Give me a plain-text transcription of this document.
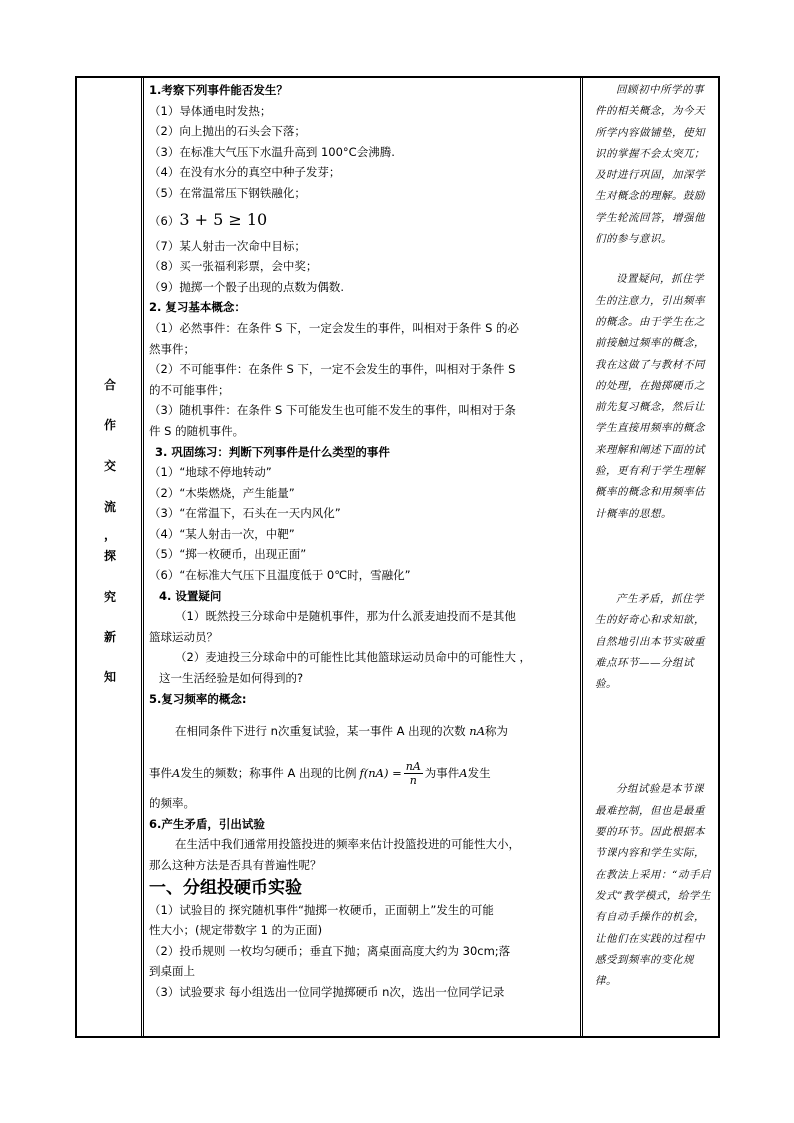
合
作
交
流
，
探
究
新
知
1.考察下列事件能否发生？
（1）导体通电时发热；
（2）向上抛出的石头会下落；
（3）在标准大气压下水温升高到 100°C会沸腾.
（4）在没有水分的真空中种子发芽；
（5）在常温常压下钢铁融化；
（6）3 + 5 ≥ 10
（7）某人射击一次命中目标；
（8）买一张福利彩票，会中奖；
（9）抛掷一个骰子出现的点数为偶数.
2. 复习基本概念：
（1）必然事件：在条件 S 下，一定会发生的事件，叫相对于条件 S 的必
然事件；
（2）不可能事件：在条件 S 下，一定不会发生的事件，叫相对于条件 S
的不可能事件；
（3）随机事件：在条件 S 下可能发生也可能不发生的事件，叫相对于条
件 S 的随机事件。
3. 巩固练习：判断下列事件是什么类型的事件
（1）“地球不停地转动”
（2）“木柴燃烧，产生能量”
（3）“在常温下，石头在一天内风化”
（4）“某人射击一次，中靶”
（5）“掷一枚硬币，出现正面”
（6）“在标准大气压下且温度低于 0℃时，雪融化”
4. 设置疑问
（1）既然投三分球命中是随机事件，那为什么派麦迪投而不是其他
篮球运动员？
（2）麦迪投三分球命中的可能性比其他篮球运动员命中的可能性大 ，
这一生活经验是如何得到的?
5.复习频率的概念:
在相同条件下进行 n次重复试验，某一事件 A 出现的次数 nA称为
事件 A 发生的频数；称事件 A 出现的比例 $f(nA) = \frac{nA}{n}$ 为事件 A 发生
的频率。
6.产生矛盾，引出试验
在生活中我们通常用投篮投进的频率来估计投篮投进的可能性大小，
那么这种方法是否具有普遍性呢？
一、分组投硬币实验
（1）试验目的 探究随机事件“抛掷一枚硬币，正面朝上”发生的可能
性大小；(规定带数字 1 的为正面)
（2）投币规则 一枚均匀硬币；垂直下抛；离桌面高度大约为 30cm;落
到桌面上
（3）试验要求 每小组选出一位同学抛掷硬币 n次，选出一位同学记录

回顾初中所学的事件的相关概念，为今天所学内容做铺垫，使知识的掌握不会太突兀；及时进行巩固，加深学生对概念的理解。鼓励学生轮流回答，增强他们的参与意识。

设置疑问，抓住学生的注意力，引出频率的概念。由于学生在之前接触过频率的概念，我在这做了与教材不同的处理，在抛掷硬币之前先复习概念，然后让学生直接用频率的概念来理解和阐述下面的试验，更有利于学生理解概率的概念和用频率估计概率的思想。

产生矛盾，抓住学生的好奇心和求知欲，自然地引出本节实破重难点环节——分组试验。

分组试验是本节课最难控制，但也是最重要的环节。因此根据本节课内容和学生实际，在教法上采用：“动手启发式”教学模式，给学生有自动手操作的机会，让他们在实践的过程中感受到频率的变化规律。
